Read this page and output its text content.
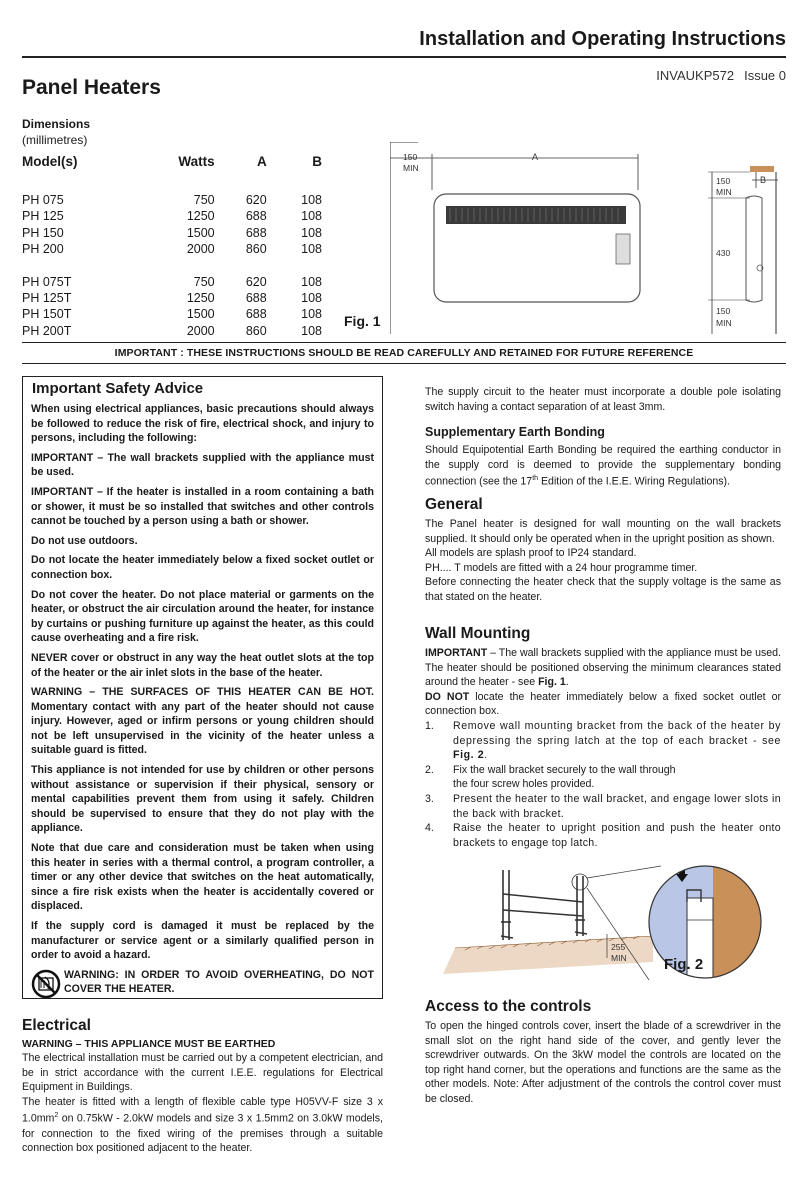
Installation and Operating Instructions
Panel Heaters
INVAUKP572 Issue 0
Dimensions
(millimetres)
Model(s)	Watts	A	B
PH 075	750	620	108
PH 125	1250	688	108
PH 150	1500	688	108
PH 200	2000	860	108
PH 075T	750	620	108
PH 125T	1250	688	108
PH 150T	1500	688	108
PH 200T	2000	860	108
Fig. 1
150
MIN
A
B
150
MIN
430
150
MIN
IMPORTANT : THESE INSTRUCTIONS SHOULD BE READ CAREFULLY AND RETAINED FOR FUTURE REFERENCE
Important Safety Advice

When using electrical appliances, basic precautions should always be followed to reduce the risk of fire, electrical shock, and injury to persons, including the following:

IMPORTANT – The wall brackets supplied with the appliance must be used.

IMPORTANT – If the heater is installed in a room containing a bath or shower, it must be so installed that switches and other controls cannot be touched by a person using a bath or shower.

Do not use outdoors.

Do not locate the heater immediately below a fixed socket outlet or connection box.

Do not cover the heater. Do not place material or garments on the heater, or obstruct the air circulation around the heater, for instance by curtains or pushing furniture up against the heater, as this could cause overheating and a fire risk.

NEVER cover or obstruct in any way the heat outlet slots at the top of the heater or the air inlet slots in the base of the heater.

WARNING – THE SURFACES OF THIS HEATER CAN BE HOT. Momentary contact with any part of the heater should not cause injury. However, aged or infirm persons or young children should not be left unsupervised in the vicinity of the heater unless a suitable guard is fitted.

This appliance is not intended for use by children or other persons without assistance or supervision if their physical, sensory or mental capabilities prevent them from using it safely. Children should be supervised to ensure that they do not play with the appliance.

Note that due care and consideration must be taken when using this heater in series with a thermal control, a program controller, a timer or any other device that switches on the heat automatically, since a fire risk exists when the heater is accidentally covered or displaced.

If the supply cord is damaged it must be replaced by the manufacturer or service agent or a similarly qualified person in order to avoid a hazard.

WARNING: IN ORDER TO AVOID OVERHEATING, DO NOT COVER THE HEATER.

Electrical
WARNING – THIS APPLIANCE MUST BE EARTHED
The electrical installation must be carried out by a competent electrician, and be in strict accordance with the current I.E.E. regulations for Electrical Equipment in Buildings.
The heater is fitted with a length of flexible cable type H05VV-F size 3 x $1.0mm^2$ on 0.75kW - 2.0kW models and size 3 x 1.5mm2 on 3.0kW models, for connection to the fixed wiring of the premises through a suitable connection box positioned adjacent to the heater.
The supply circuit to the heater must incorporate a double pole isolating switch having a contact separation of at least 3mm.
Supplementary Earth Bonding
Should Equipotential Earth Bonding be required the earthing conductor in the supply cord is deemed to provide the supplementary bonding connection (see the 17th Edition of the I.E.E. Wiring Regulations).
General
The Panel heater is designed for wall mounting on the wall brackets supplied. It should only be operated when in the upright position as shown.
All models are splash proof to IP24 standard.
PH.... T models are fitted with a 24 hour programme timer.
Before connecting the heater check that the supply voltage is the same as that stated on the heater.
Wall Mounting
IMPORTANT – The wall brackets supplied with the appliance must be used. The heater should be positioned observing the minimum clearances stated around the heater - see Fig. 1.
DO NOT locate the heater immediately below a fixed socket outlet or connection box.
1.	Remove wall mounting bracket from the back of the heater by depressing the spring latch at the top of each bracket - see Fig. 2.
2.	Fix the wall bracket securely to the wall through the four screw holes provided.
3.	Present the heater to the wall bracket, and engage lower slots in the back with bracket.
4.	Raise the heater to upright position and push the heater onto brackets to engage top latch.
255
MIN Fig. 2
Access to the controls
To open the hinged controls cover, insert the blade of a screwdriver in the small slot on the right hand side of the cover, and gently lever the screwdriver outwards. On the 3kW model the controls are located on the top right hand corner, but the operations and functions are the same as the other models. Note: After adjustment of the controls the control cover must be closed.
